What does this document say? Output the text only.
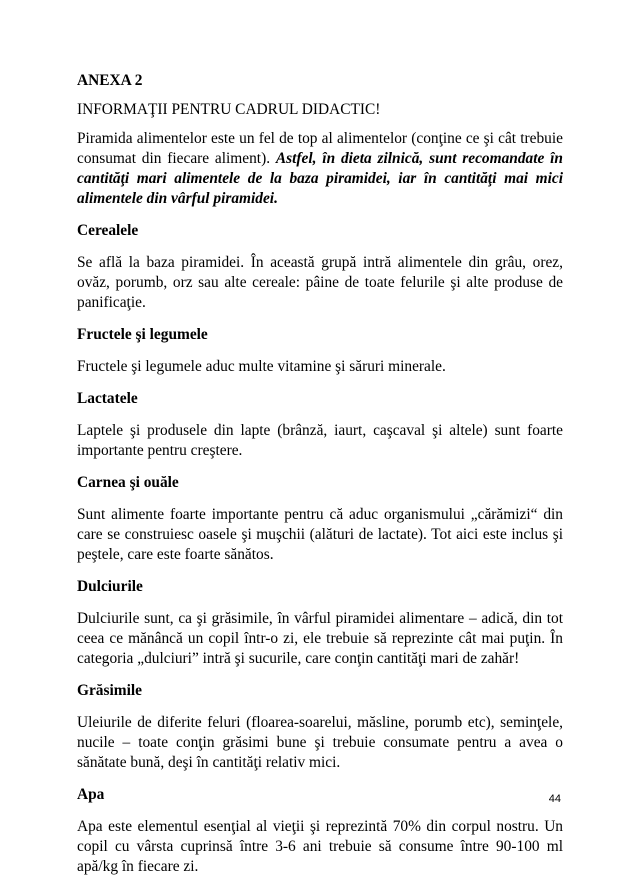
ANEXA 2
INFORMAŢII PENTRU CADRUL DIDACTIC!
Piramida alimentelor este un fel de top al alimentelor (conţine ce şi cât trebuie consumat din fiecare aliment). Astfel, în dieta zilnică, sunt recomandate în cantităţi mari alimentele de la baza piramidei, iar în cantităţi mai mici alimentele din vârful piramidei.
Cerealele
Se află la baza piramidei. În această grupă intră alimentele din grâu, orez, ovăz, porumb, orz sau alte cereale: pâine de toate felurile şi alte produse de panificaţie.
Fructele şi legumele
Fructele şi legumele aduc multe vitamine şi săruri minerale.
Lactatele
Laptele şi produsele din lapte (brânză, iaurt, caşcaval şi altele) sunt foarte importante pentru creştere.
Carnea şi ouăle
Sunt alimente foarte importante pentru că aduc organismului „cărămizi“ din care se construiesc oasele şi muşchii (alături de lactate). Tot aici este inclus şi peştele, care este foarte sănătos.
Dulciurile
Dulciurile sunt, ca şi grăsimile, în vârful piramidei alimentare – adică, din tot ceea ce mănâncă un copil într-o zi, ele trebuie să reprezinte cât mai puţin. În categoria „dulciuri” intră şi sucurile, care conţin cantităţi mari de zahăr!
Grăsimile
Uleiurile de diferite feluri (floarea-soarelui, măsline, porumb etc), seminţele, nucile – toate conţin grăsimi bune şi trebuie consumate pentru a avea o sănătate bună, deşi în cantităţi relativ mici.
Apa
Apa este elementul esenţial al vieţii şi reprezintă 70% din corpul nostru. Un copil cu vârsta cuprinsă între 3-6 ani trebuie să consume între 90-100 ml apă/kg în fiecare zi.
44
